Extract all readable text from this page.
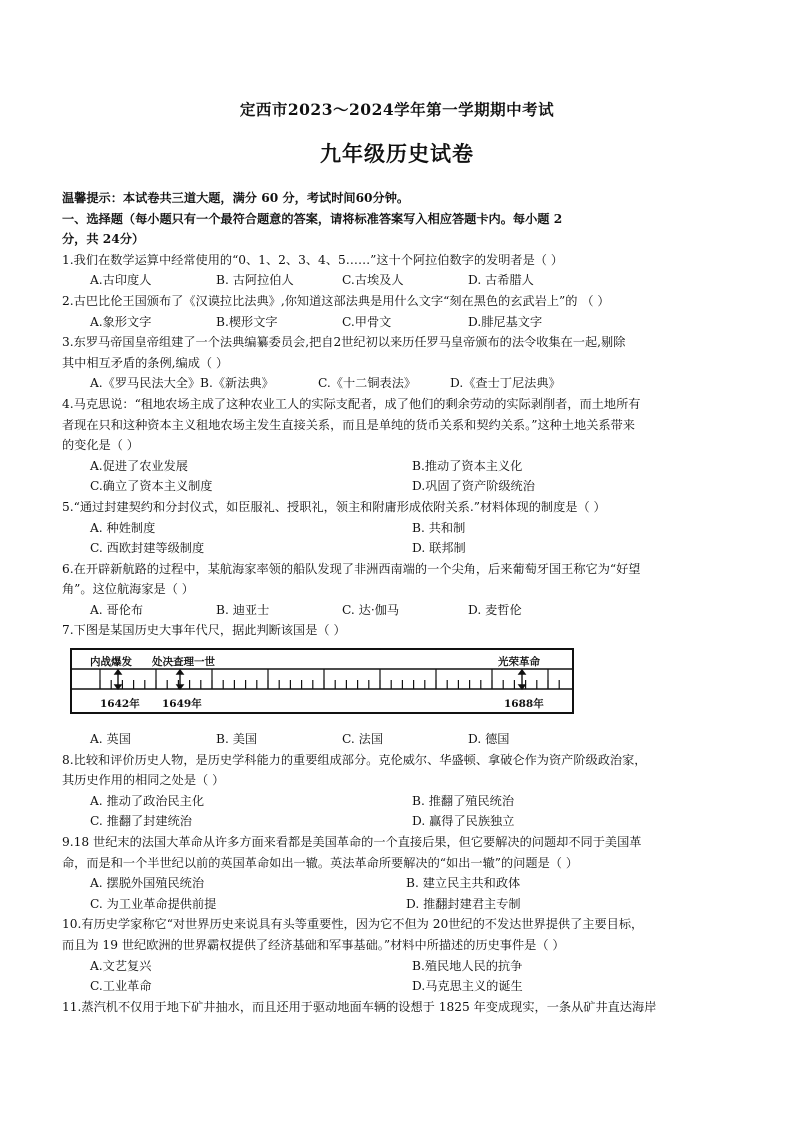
定西市2023～2024学年第一学期期中考试
九年级历史试卷
温馨提示：本试卷共三道大题，满分 60 分，考试时间60分钟。
一、选择题（每小题只有一个最符合题意的答案，请将标准答案写入相应答题卡内。每小题 2
分，共 24分）
1.我们在数学运算中经常使用的“0、1、2、3、4、5……”这十个阿拉伯数字的发明者是（ ）
A.古印度人	B. 古阿拉伯人	C.古埃及人	D. 古希腊人
2.古巴比伦王国颁布了《汉谟拉比法典》,你知道这部法典是用什么文字“刻在黑色的玄武岩上”的 （ ）
A.象形文字	B.楔形文字	C.甲骨文	D.腓尼基文字
3.东罗马帝国皇帝组建了一个法典编纂委员会,把自2世纪初以来历任罗马皇帝颁布的法令收集在一起,剔除
其中相互矛盾的条例,编成（ ）
A.《罗马民法大全》 B.《新法典》	C.《十二铜表法》	D.《查士丁尼法典》
4.马克思说：“租地农场主成了这种农业工人的实际支配者，成了他们的剩余劳动的实际剥削者，而土地所有
者现在只和这种资本主义租地农场主发生直接关系，而且是单纯的货币关系和契约关系。”这种土地关系带来
的变化是（ ）
A.促进了农业发展	B.推动了资本主义化
C.确立了资本主义制度	D.巩固了资产阶级统治
5.“通过封建契约和分封仪式，如臣服礼、授职礼，领主和附庸形成依附关系.”材料体现的制度是（ ）
A. 种姓制度	B. 共和制
C. 西欧封建等级制度	D. 联邦制
6.在开辟新航路的过程中，某航海家率领的船队发现了非洲西南端的一个尖角，后来葡萄牙国王称它为“好望
角”。这位航海家是（ ）
A. 哥伦布	B. 迪亚士	C. 达·伽马	D. 麦哲伦
7.下图是某国历史大事年代尺，据此判断该国是（ ）
内战爆发 处决查理一世	光荣革命
1642年 1649年	1688年
A. 英国	B. 美国	C. 法国	D. 德国
8.比较和评价历史人物，是历史学科能力的重要组成部分。克伦威尔、华盛顿、拿破仑作为资产阶级政治家，
其历史作用的相同之处是（ ）
A. 推动了政治民主化	B. 推翻了殖民统治
C. 推翻了封建统治	D. 赢得了民族独立
9.18 世纪末的法国大革命从许多方面来看都是美国革命的一个直接后果，但它要解决的问题却不同于美国革
命，而是和一个半世纪以前的英国革命如出一辙。英法革命所要解决的“如出一辙”的问题是（ ）
A. 摆脱外国殖民统治	B. 建立民主共和政体
C. 为工业革命提供前提	D. 推翻封建君主专制
10.有历史学家称它“对世界历史来说具有头等重要性，因为它不但为 20世纪的不发达世界提供了主要目标，
而且为 19 世纪欧洲的世界霸权提供了经济基础和军事基础。”材料中所描述的历史事件是（ ）
A.文艺复兴	B.殖民地人民的抗争
C.工业革命	D.马克思主义的诞生
11.蒸汽机不仅用于地下矿井抽水，而且还用于驱动地面车辆的设想于 1825 年变成现实，一条从矿井直达海岸
